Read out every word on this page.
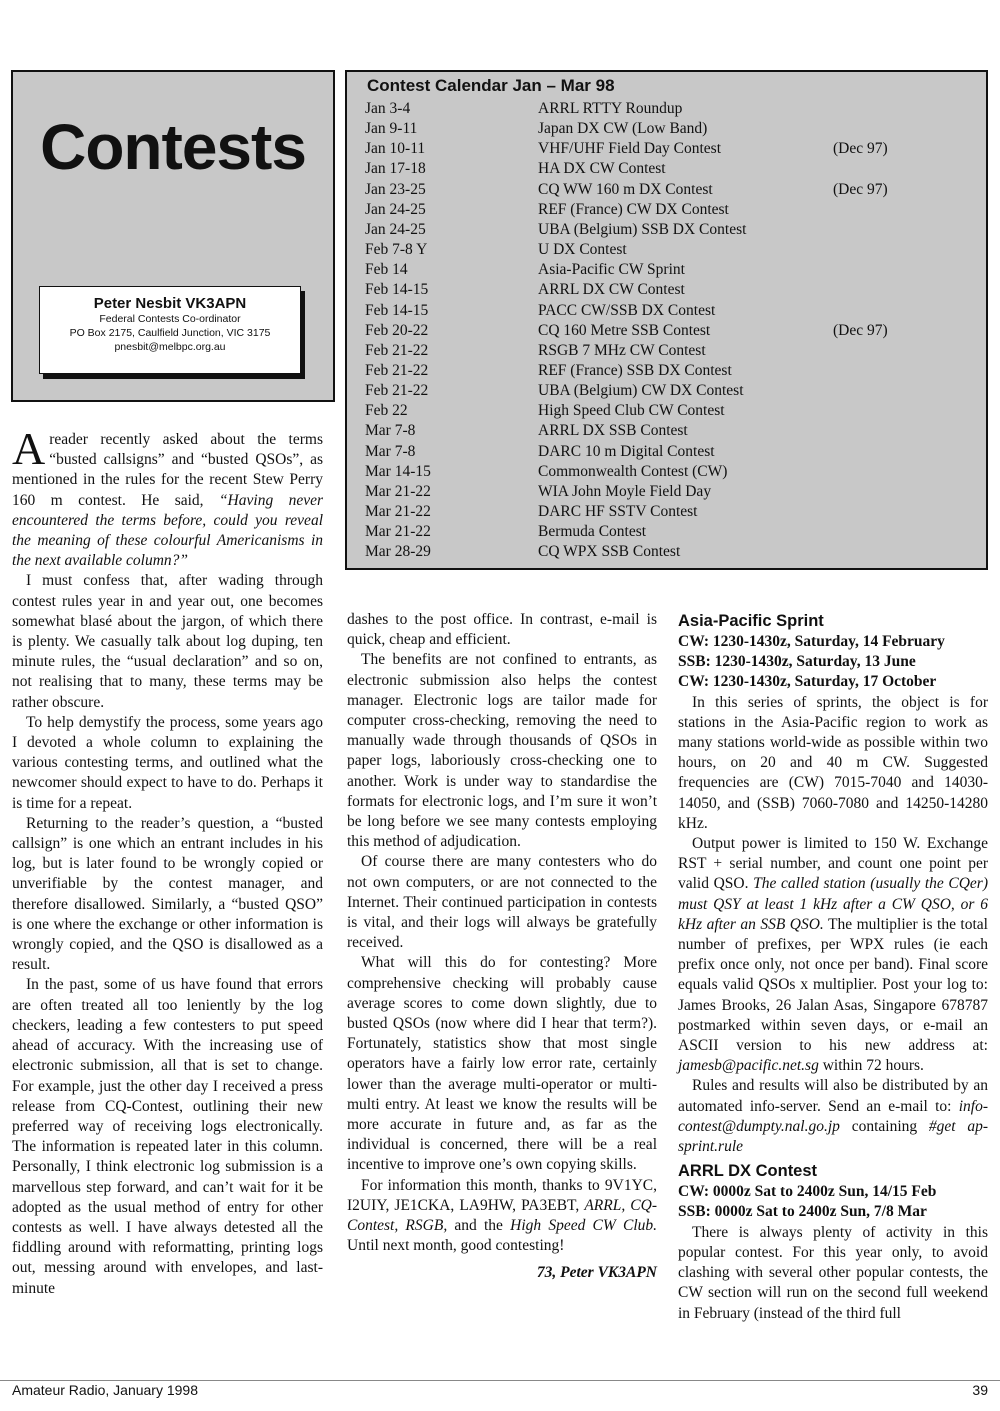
Contests
Peter Nesbit VK3APN
Federal Contests Co-ordinator
PO Box 2175, Caulfield Junction, VIC 3175
pnesbit@melbpc.org.au
Contest Calendar Jan – Mar 98
Jan 3-4	ARRL RTTY Roundup
Jan 9-11	Japan DX CW (Low Band)
Jan 10-11	VHF/UHF Field Day Contest	(Dec 97)
Jan 17-18	HA DX CW Contest
Jan 23-25	CQ WW 160 m DX Contest	(Dec 97)
Jan 24-25	REF (France) CW DX Contest
Jan 24-25	UBA (Belgium) SSB DX Contest
Feb 7-8 Y	U DX Contest
Feb 14	Asia-Pacific CW Sprint
Feb 14-15	ARRL DX CW Contest
Feb 14-15	PACC CW/SSB DX Contest
Feb 20-22	CQ 160 Metre SSB Contest	(Dec 97)
Feb 21-22	RSGB 7 MHz CW Contest
Feb 21-22	REF (France) SSB DX Contest
Feb 21-22	UBA (Belgium) CW DX Contest
Feb 22	High Speed Club CW Contest
Mar 7-8	ARRL DX SSB Contest
Mar 7-8	DARC 10 m Digital Contest
Mar 14-15	Commonwealth Contest (CW)
Mar 21-22	WIA John Moyle Field Day
Mar 21-22	DARC HF SSTV Contest
Mar 21-22	Bermuda Contest
Mar 28-29	CQ WPX SSB Contest

A reader recently asked about the terms “busted callsigns” and “busted QSOs”, as mentioned in the rules for the recent Stew Perry 160 m contest. He said, “Having never encountered the terms before, could you reveal the meaning of these colourful Americanisms in the next available column?”

I must confess that, after wading through contest rules year in and year out, one becomes somewhat blasé about the jargon, of which there is plenty. We casually talk about log duping, ten minute rules, the “usual declaration” and so on, not realising that to many, these terms may be rather obscure.

To help demystify the process, some years ago I devoted a whole column to explaining the various contesting terms, and outlined what the newcomer should expect to have to do. Perhaps it is time for a repeat.

Returning to the reader’s question, a “busted callsign” is one which an entrant includes in his log, but is later found to be wrongly copied or unverifiable by the contest manager, and therefore disallowed. Similarly, a “busted QSO” is one where the exchange or other information is wrongly copied, and the QSO is disallowed as a result.

In the past, some of us have found that errors are often treated all too leniently by the log checkers, leading a few contesters to put speed ahead of accuracy. With the increasing use of electronic submission, all that is set to change. For example, just the other day I received a press release from CQ-Contest, outlining their new preferred way of receiving logs electronically. The information is repeated later in this column. Personally, I think electronic log submission is a marvellous step forward, and can’t wait for it be adopted as the usual method of entry for other contests as well. I have always detested all the fiddling around with reformatting, printing logs out, messing around with envelopes, and last-minute

dashes to the post office. In contrast, e-mail is quick, cheap and efficient.

The benefits are not confined to entrants, as electronic submission also helps the contest manager. Electronic logs are tailor made for computer cross-checking, removing the need to manually wade through thousands of QSOs in paper logs, laboriously cross-checking one to another. Work is under way to standardise the formats for electronic logs, and I’m sure it won’t be long before we see many contests employing this method of adjudication.

Of course there are many contesters who do not own computers, or are not connected to the Internet. Their continued participation in contests is vital, and their logs will always be gratefully received.

What will this do for contesting? More comprehensive checking will probably cause average scores to come down slightly, due to busted QSOs (now where did I hear that term?). Fortunately, statistics show that most single operators have a fairly low error rate, certainly lower than the average multi-operator or multi-multi entry. At least we know the results will be more accurate in future and, as far as the individual is concerned, there will be a real incentive to improve one’s own copying skills.

For information this month, thanks to 9V1YC, I2UIY, JE1CKA, LA9HW, PA3EBT, ARRL, CQ-Contest, RSGB, and the High Speed CW Club. Until next month, good contesting!

73, Peter VK3APN

Asia-Pacific Sprint

CW: 1230-1430z, Saturday, 14 February

SSB: 1230-1430z, Saturday, 13 June

CW: 1230-1430z, Saturday, 17 October

In this series of sprints, the object is for stations in the Asia-Pacific region to work as many stations world-wide as possible within two hours, on 20 and 40 m CW. Suggested frequencies are (CW) 7015-7040 and 14030-14050, and (SSB) 7060-7080 and 14250-14280 kHz.

Output power is limited to 150 W. Exchange RST + serial number, and count one point per valid QSO. The called station (usually the CQer) must QSY at least 1 kHz after a CW QSO, or 6 kHz after an SSB QSO. The multiplier is the total number of prefixes, per WPX rules (ie each prefix once only, not once per band). Final score equals valid QSOs x multiplier. Post your log to: James Brooks, 26 Jalan Asas, Singapore 678787 postmarked within seven days, or e-mail an ASCII version to his new address at: jamesb@pacific.net.sg within 72 hours.

Rules and results will also be distributed by an automated info-server. Send an e-mail to: info-contest@dumpty.nal.go.jp containing #get ap-sprint.rule

ARRL DX Contest

CW: 0000z Sat to 2400z Sun, 14/15 Feb

SSB: 0000z Sat to 2400z Sun, 7/8 Mar

There is always plenty of activity in this popular contest. For this year only, to avoid clashing with several other popular contests, the CW section will run on the second full weekend in February (instead of the third full

Amateur Radio, January 1998	39
